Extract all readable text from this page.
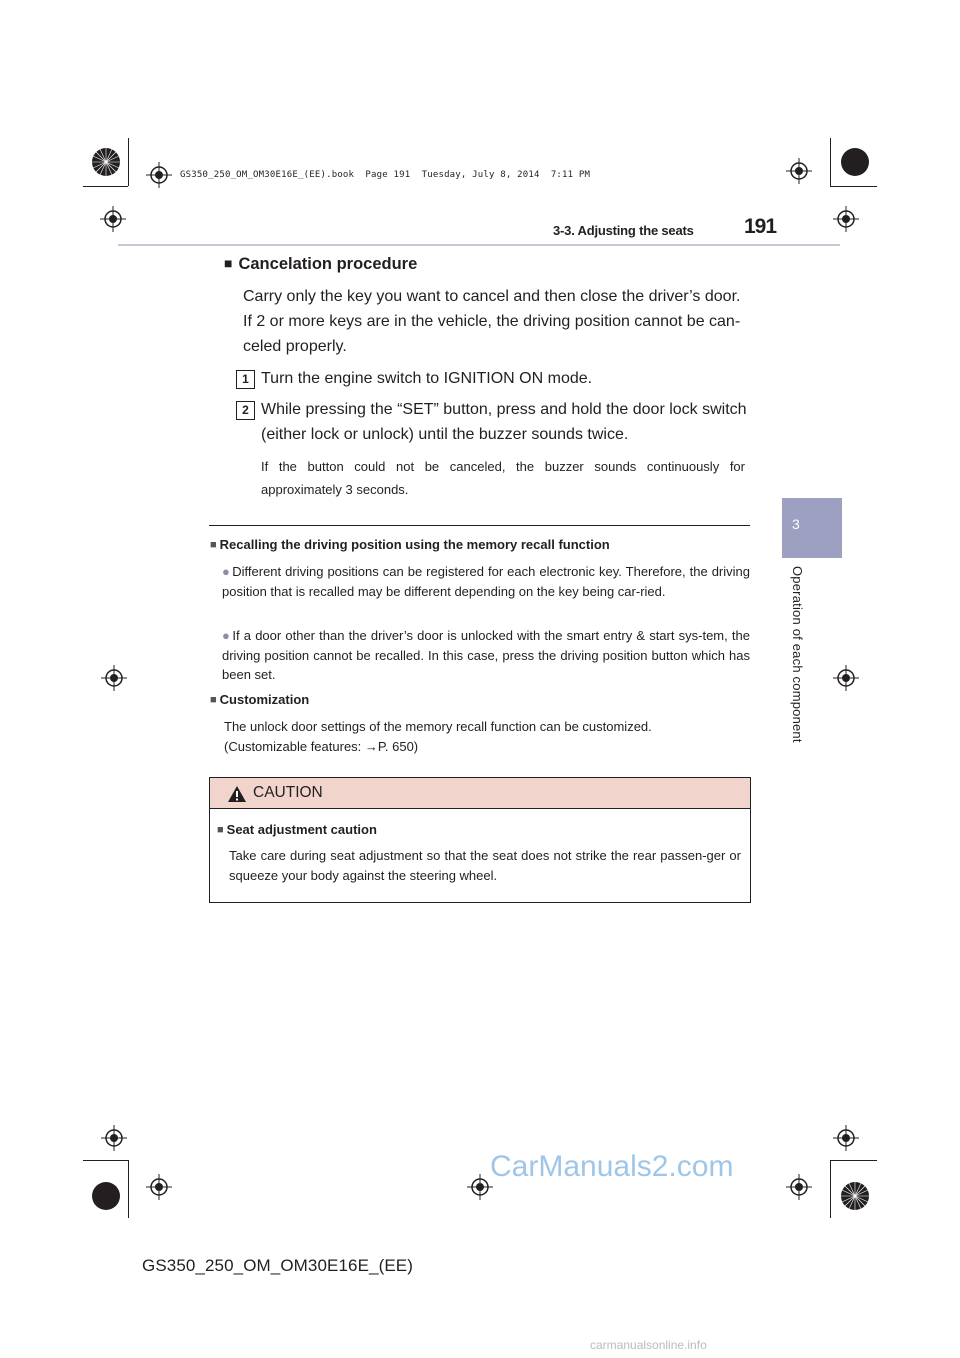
GS350_250_OM_OM30E16E_(EE).book  Page 191  Tuesday, July 8, 2014  7:11 PM
3-3. Adjusting the seats 191
3
Operation of each component
■ Cancelation procedure
Carry only the key you want to cancel and then close the driver’s door.
If 2 or more keys are in the vehicle, the driving position cannot be can-
celed properly.
1 Turn the engine switch to IGNITION ON mode.
2 While pressing the “SET” button, press and hold the door lock switch
(either lock or unlock) until the buzzer sounds twice.
If the button could not be canceled, the buzzer sounds continuously for approximately 3 seconds.
■ Recalling the driving position using the memory recall function
● Different driving positions can be registered for each electronic key. Therefore, the driving position that is recalled may be different depending on the key being car-ried.
● If a door other than the driver’s door is unlocked with the smart entry & start sys-tem, the driving position cannot be recalled. In this case, press the driving position button which has been set.
■ Customization
The unlock door settings of the memory recall function can be customized.
(Customizable features: →P. 650)
CAUTION
■ Seat adjustment caution
Take care during seat adjustment so that the seat does not strike the rear passen-ger or squeeze your body against the steering wheel.
CarManuals2.com
GS350_250_OM_OM30E16E_(EE)
carmanualsonline.info
